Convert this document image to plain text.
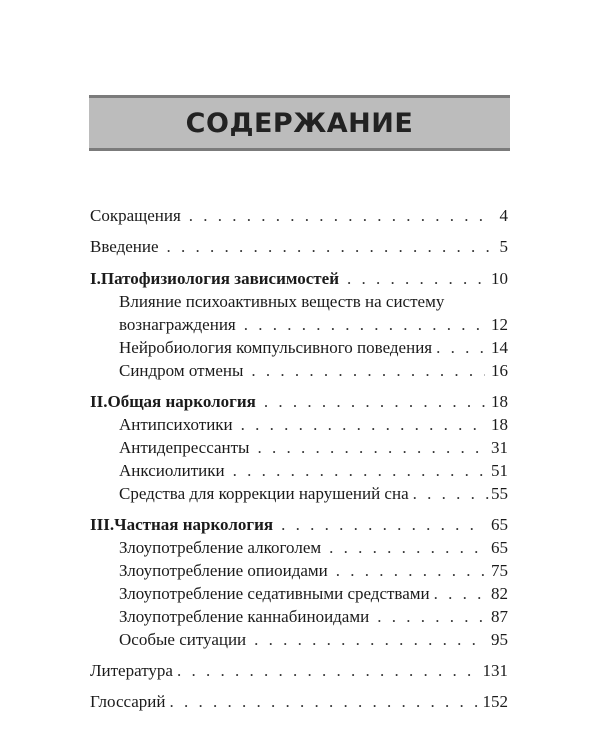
СОДЕРЖАНИЕ
Сокращения . . .	4
Введение . . .	5
I. Патофизиология зависимостей . . .	10
Влияние психоактивных веществ на систему
вознаграждения . . .	12
Нейробиология компульсивного поведения . . .	14
Синдром отмены . . .	16
II. Общая наркология . . .	18
Антипсихотики . . .	18
Антидепрессанты . . .	31
Анксиолитики . . .	51
Средства для коррекции нарушений сна . . .	55
III. Частная наркология . . .	65
Злоупотребление алкоголем . . .	65
Злоупотребление опиоидами . . .	75
Злоупотребление седативными средствами . . .	82
Злоупотребление каннабиноидами . . .	87
Особые ситуации . . .	95
Литература . . .	131
Глоссарий . . .	152
